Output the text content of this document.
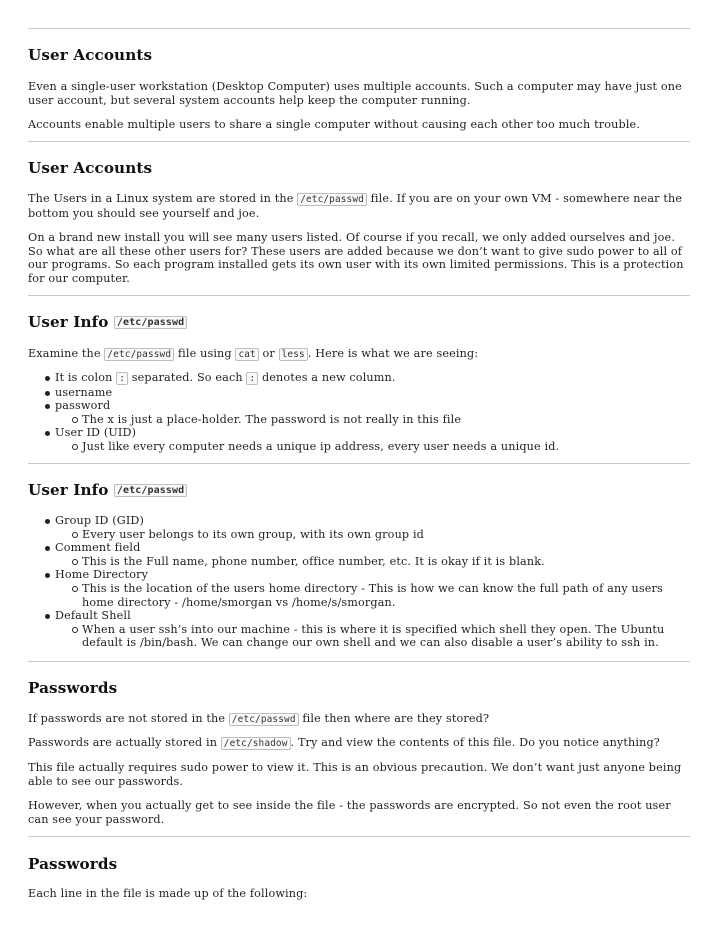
User Accounts

Even a single-user workstation (Desktop Computer) uses multiple accounts. Such a computer may have just one user account, but several system accounts help keep the computer running.

Accounts enable multiple users to share a single computer without causing each other too much trouble.

User Accounts

The Users in a Linux system are stored in the /etc/passwd file. If you are on your own VM - somewhere near the bottom you should see yourself and joe.

On a brand new install you will see many users listed. Of course if you recall, we only added ourselves and joe. So what are all these other users for? These users are added because we don’t want to give sudo power to all of our programs. So each program installed gets its own user with its own limited permissions. This is a protection for our computer.

User Info /etc/passwd

Examine the /etc/passwd file using cat or less . Here is what we are seeing:

It is colon : separated. So each : denotes a new column.
username
password
The x is just a place-holder. The password is not really in this file
User ID (UID)
Just like every computer needs a unique ip address, every user needs a unique id.
User Info /etc/passwd
Group ID (GID)
Every user belongs to its own group, with its own group id
Comment field
This is the Full name, phone number, office number, etc. It is okay if it is blank.
Home Directory
This is the location of the users home directory - This is how we can know the full path of any users home directory - /home/smorgan vs /home/s/smorgan.
Default Shell
When a user ssh’s into our machine - this is where it is specified which shell they open. The Ubuntu default is /bin/bash. We can change our own shell and we can also disable a user’s ability to ssh in.
Passwords

If passwords are not stored in the /etc/passwd file then where are they stored?

Passwords are actually stored in /etc/shadow . Try and view the contents of this file. Do you notice anything?

This file actually requires sudo power to view it. This is an obvious precaution. We don’t want just anyone being able to see our passwords.

However, when you actually get to see inside the file - the passwords are encrypted. So not even the root user can see your password.

Passwords

Each line in the file is made up of the following:
